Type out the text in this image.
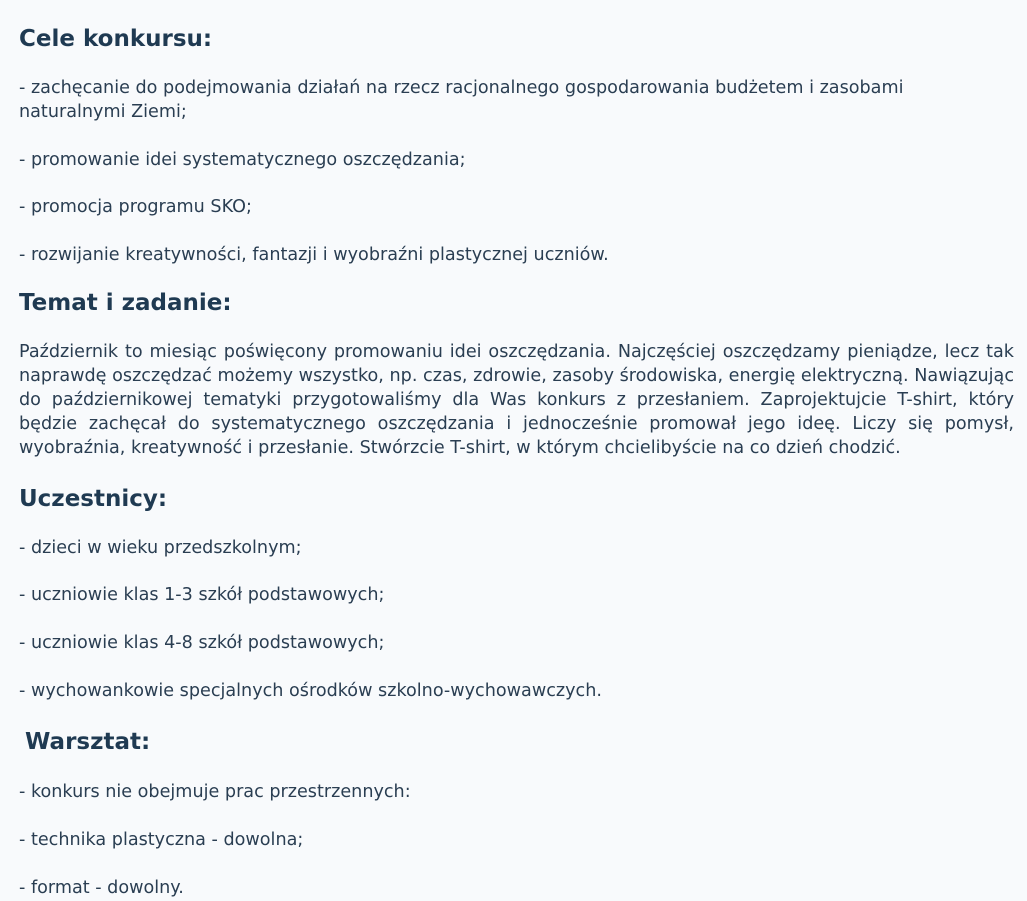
Cele konkursu:

- zachęcanie do podejmowania działań na rzecz racjonalnego gospodarowania budżetem i zasobami naturalnymi Ziemi;

- promowanie idei systematycznego oszczędzania;

- promocja programu SKO;

- rozwijanie kreatywności, fantazji i wyobraźni plastycznej uczniów.

Temat i zadanie:

Październik to miesiąc poświęcony promowaniu idei oszczędzania. Najczęściej oszczędzamy pieniądze, lecz tak naprawdę oszczędzać możemy wszystko, np. czas, zdrowie, zasoby środowiska, energię elektryczną. Nawiązując do październikowej tematyki przygotowaliśmy dla Was konkurs z przesłaniem. Zaprojektujcie T-shirt, który będzie zachęcał do systematycznego oszczędzania i jednocześnie promował jego ideę. Liczy się pomysł, wyobraźnia, kreatywność i przesłanie. Stwórzcie T-shirt, w którym chcielibyście na co dzień chodzić.

Uczestnicy:

- dzieci w wieku przedszkolnym;

- uczniowie klas 1-3 szkół podstawowych;

- uczniowie klas 4-8 szkół podstawowych;

- wychowankowie specjalnych ośrodków szkolno-wychowawczych.

Warsztat:

- konkurs nie obejmuje prac przestrzennych:

- technika plastyczna - dowolna;

- format - dowolny.
